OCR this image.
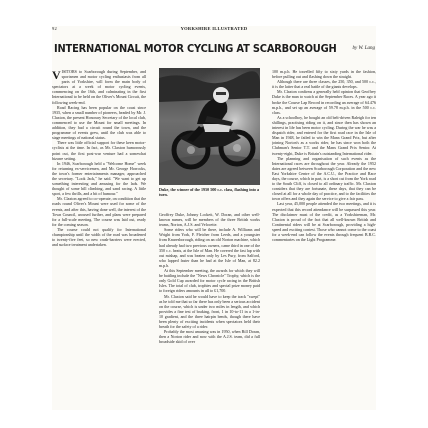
92	YORKSHIRE ILLUSTRATED
INTERNATIONAL MOTOR CYCLING AT SCARBOROUGH	by W. Lang

VISITORS to Scarborough during September, and sportsmen and motor cycling enthusiasts from all parts of Yorkshire, will form the main body of spectators at a week of motor cycling events, commencing on the 16th, and culminating in the first International to be held on the Oliver's Mount Circuit, the following week-end.

Road Racing has been popular on the coast since 1935, when a small number of pioneers, headed by Mr. J. Claxton, the present Honorary Secretary of the local club, commenced to use the Mount for small meetings. In addition, they had a circuit round the town, and the programme of events grew, until the club was able to stage meetings of national status.

There was little official support for these keen motor-cyclists at the time. In fact, as Mr. Claxton humorously point out, the first post-war venture had a somewhat bizarre setting.

In 1946, Scarborough held a "Welcome Home" week for returning ex-servicemen, and Mr. George Horrocks, the town's former entertainments manager, approached the secretary. "Look Jack," he said. "We want to get up something interesting and amusing for the lads. We thought of some hill climbing, and sand racing. A little sport, a few thrills, and a bit of humour."

Mr. Claxton agreed to co-operate, on condition that the roads round Oliver's Mount were used for some of the events, and after this, having done well, the interest of the Town Council, aroused further, and plans were prepared for a full-scale meeting. The course was laid out, ready for the coming season.

The course could not qualify for International championship until the width of the road was broadened to twenty-five feet, so new crash-barriers were erected, and surface treatment undertaken.

Duke, the winner of the 1950 500 c.c. class, flashing into a turn.

Geoffrey Duke, Johnny Lockett, W. Doran, and other well-known names, will be members of the three British works teams, Norton, A.J.S. and Velocette.

Some riders who will be there, include A. Williams and Wright from York, F. Fletcher from Leeds, and a youngster from Knaresborough, riding on an old Norton machine, which had already had two previous owners, came third in one of the 350 c.c. heats, at the Isle of Man. He covered the fast lap with out mishap, and was beaten only by Les Pury, from Salford, who lapped faster than he had at the Isle of Man, at 82.2 m.p.h.

At this September meeting, the awards for which they will be battling include the "News Chronicle" Trophy, which is the only Gold Cup awarded for motor cycle racing in the British Isles. The total of club, trophies and special prize money paid to foreign riders amounts in all to £1,700.

Mr. Claxton said he would have to keep the track "swept" as he told me that so far there has only been a serious accident on the course, which is under two miles in length, and which provides a fine test of braking, front, 1 in 10-to-11 in a 1-in-10 gradient, and the three hairpin bends, though there have been plenty of exciting incidents when spectators held their breath for the safety of a rider.

Probably the most amusing was in 1950, when Bill Doran, then a Norton rider and now with the A.J.S. team, did a full broadside skid of over

100 m.p.h. He travelled fifty to sixty yards in the fashion, before pulling out and flashing down the straight.

Although there are three classes, the 250, 350, and 500 c.c., it is the latter that a real battle of the giants develops.

Mr. Claxton confirms a generally held opinion that Geoffrey Duke is the man to watch at the September Races. A year ago it broke the Course Lap Record in recording an average of 64.476 m.p.h., and set up an average of 59.78 m.p.h. in the 500 c.c. class.

As a schoolboy, he bought an old belt-driven Raleigh for ten shillings, practising riding on it, and since then has shown an interest in life has been motor cycling. During the war he was a dispatch rider, and entered for the first road race in the Isle of Man in 1948, he failed to win the Manx Grand Prix, but after joining Norton's as a works rider, he has since won both the Clubman's Senior T.T. and the Manx Grand Prix Senior. At twenty-eight, Duke is Britain's outstanding International rider.

The planning and organisation of such events as the International races are throughout the year. Already the 1952 dates are agreed between Scarborough Corporation and the new East Yorkshire Centre of the A.C.U., the Practice and Race days, the course, which in part, is a short cut from the York road to the South Cliff, is closed to all ordinary traffic. Mr. Claxton considers that they are fortunate, these days, that they can be closed at all for a whole day of practice, and to the facilities the town offers and they again the service to give a fair pass.

Last year, 45,000 people attended the two meetings, and it is expected that this record attendance will be surpassed this year. The disclaimer must of the credit, as a Yorkshireman, Mr. Claxton is proud of the fact that all well-known British and Continental riders will be at Scarborough, providing a high-speed and exciting contest. Those who cannot come to the coast for a week-end can follow the events through frequent B.B.C. commentaries on the Light Programme.
